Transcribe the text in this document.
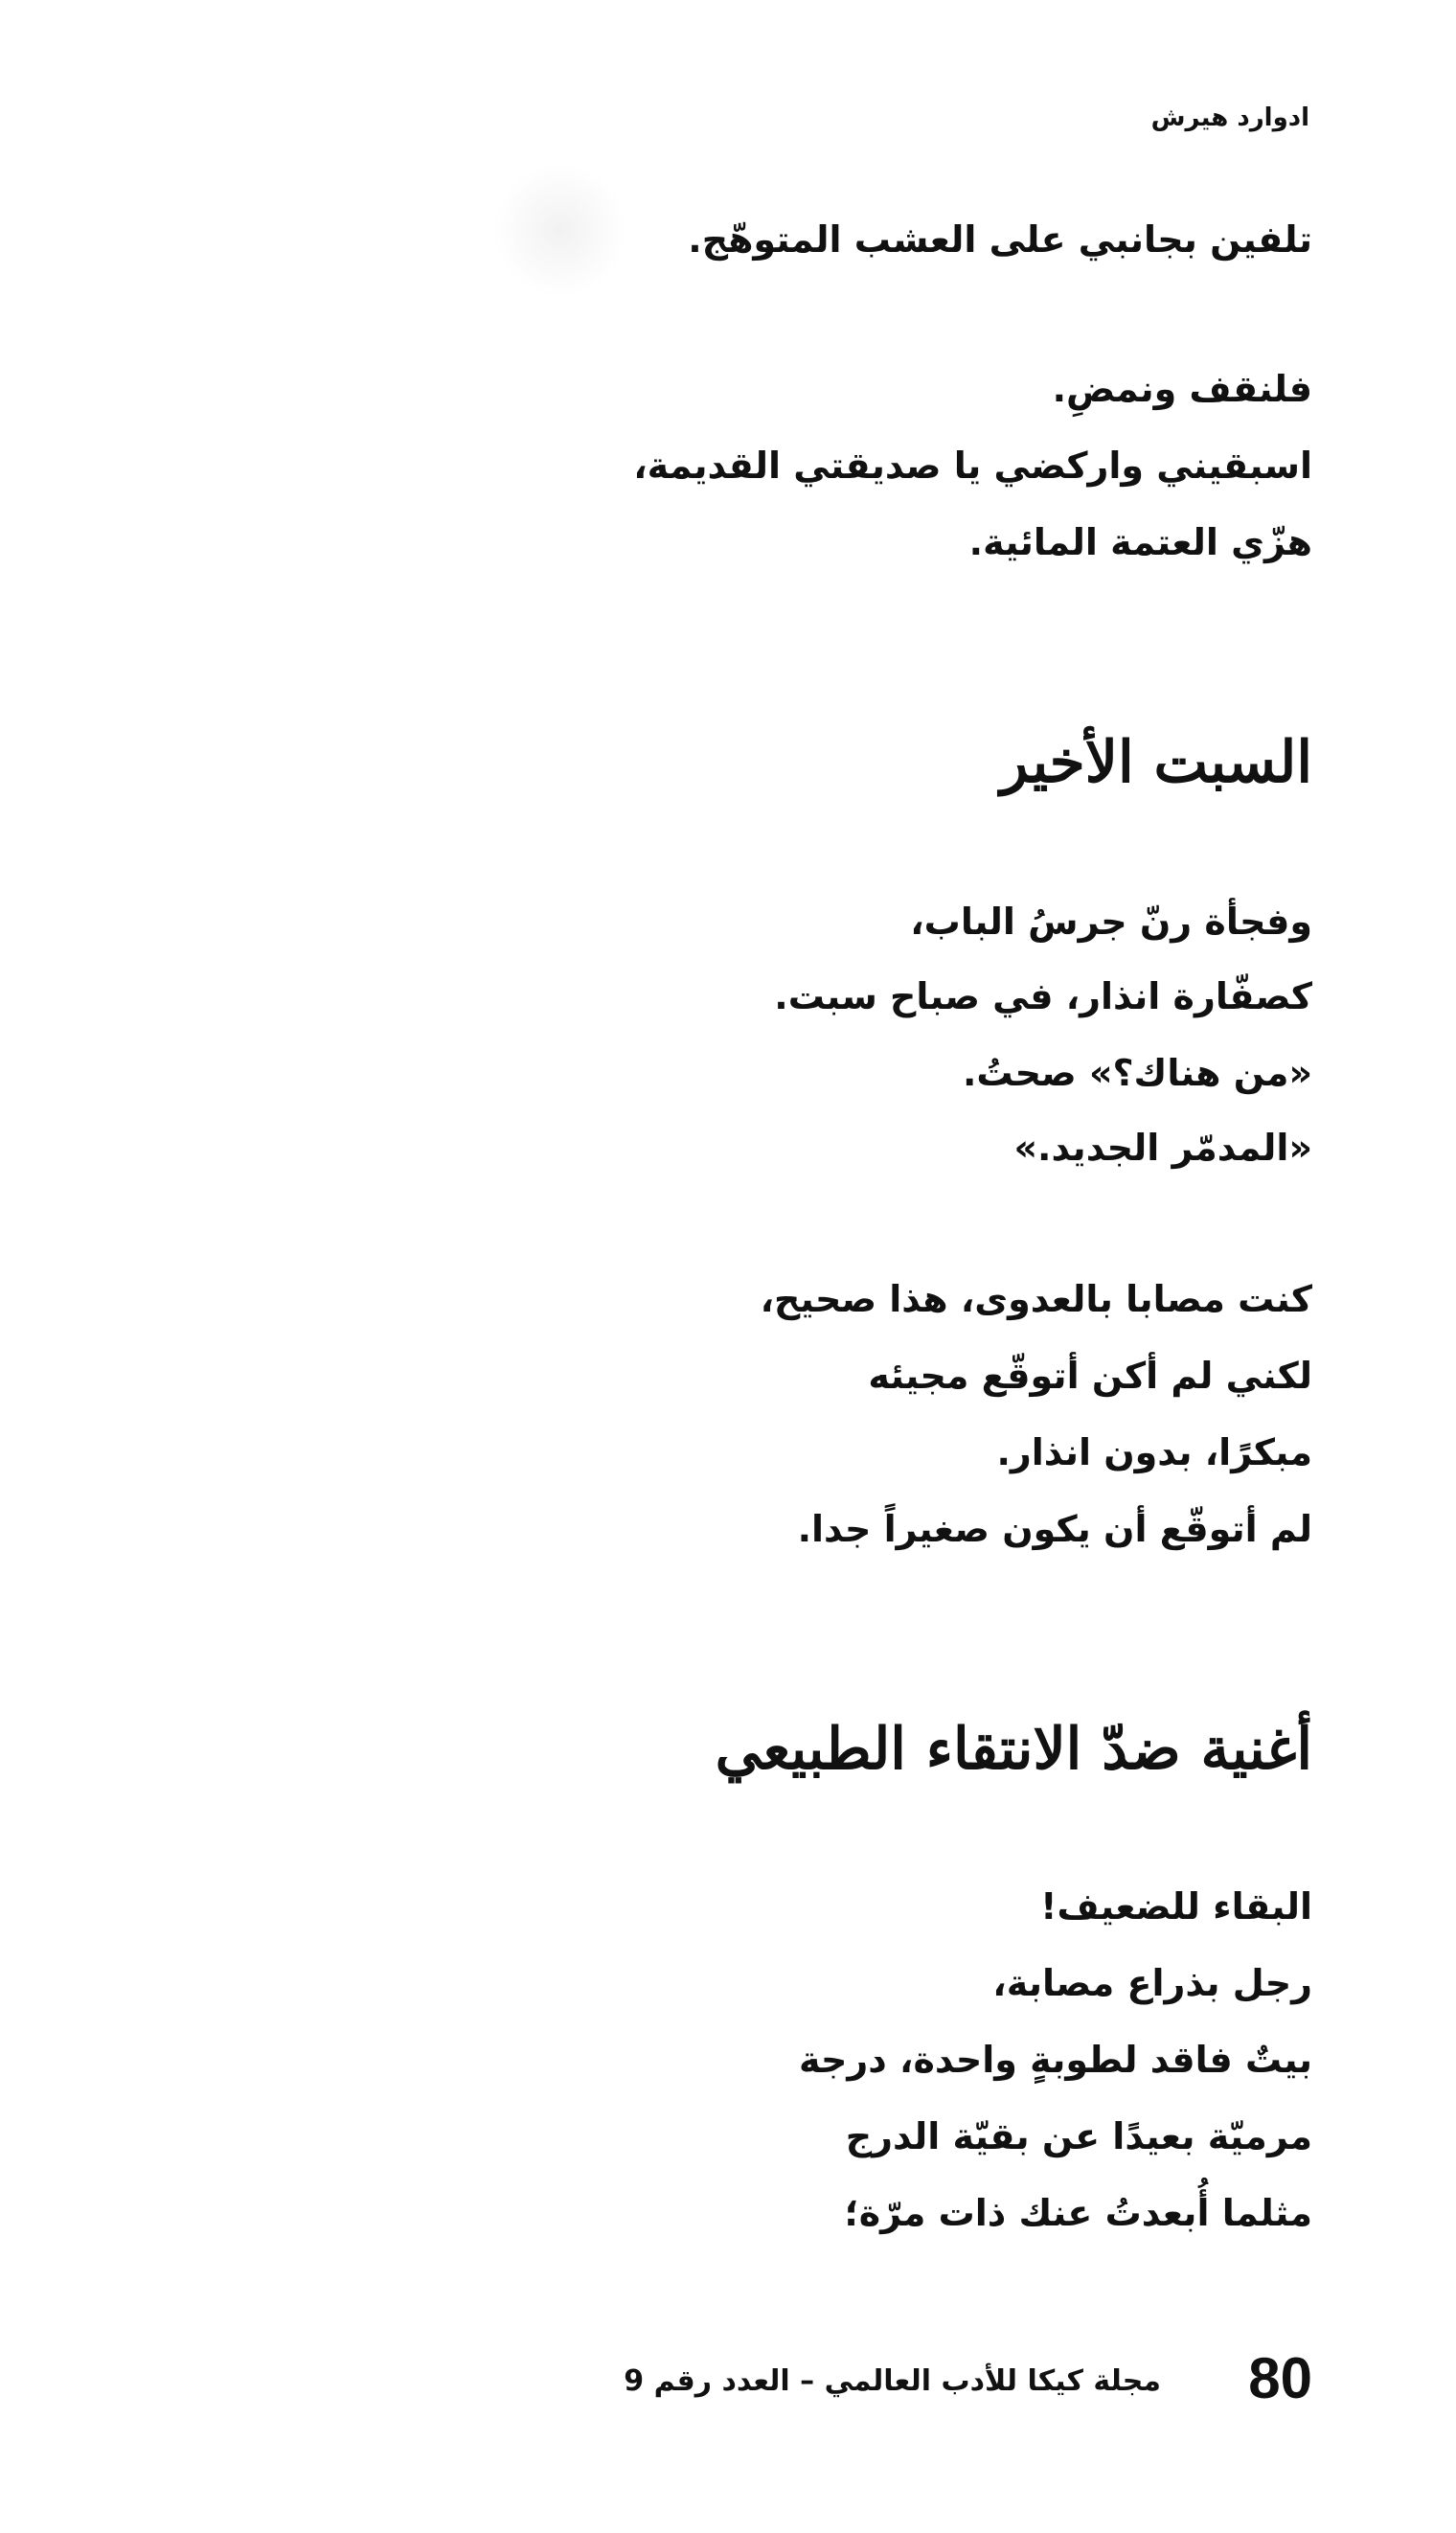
ادوارد هيرش
تلفين بجانبي على العشب المتوهّج.
فلنقف ونمضِ.
اسبقيني واركضي يا صديقتي القديمة،
هزّي العتمة المائية.
السبت الأخير
وفجأة رنّ جرسُ الباب،
كصفّارة انذار، في صباح سبت.
«من هناك؟» صحتُ.
«المدمّر الجديد.»
كنت مصابا بالعدوى، هذا صحيح،
لكني لم أكن أتوقّع مجيئه
مبكرًا، بدون انذار.
لم أتوقّع أن يكون صغيراً جدا.
أغنية ضدّ الانتقاء الطبيعي
البقاء للضعيف!
رجل بذراع مصابة،
بيتٌ فاقد لطوبةٍ واحدة، درجة
مرميّة بعيدًا عن بقيّة الدرج
مثلما أُبعدتُ عنك ذات مرّة؛
80
مجلة كيكا للأدب العالمي – العدد رقم 9
